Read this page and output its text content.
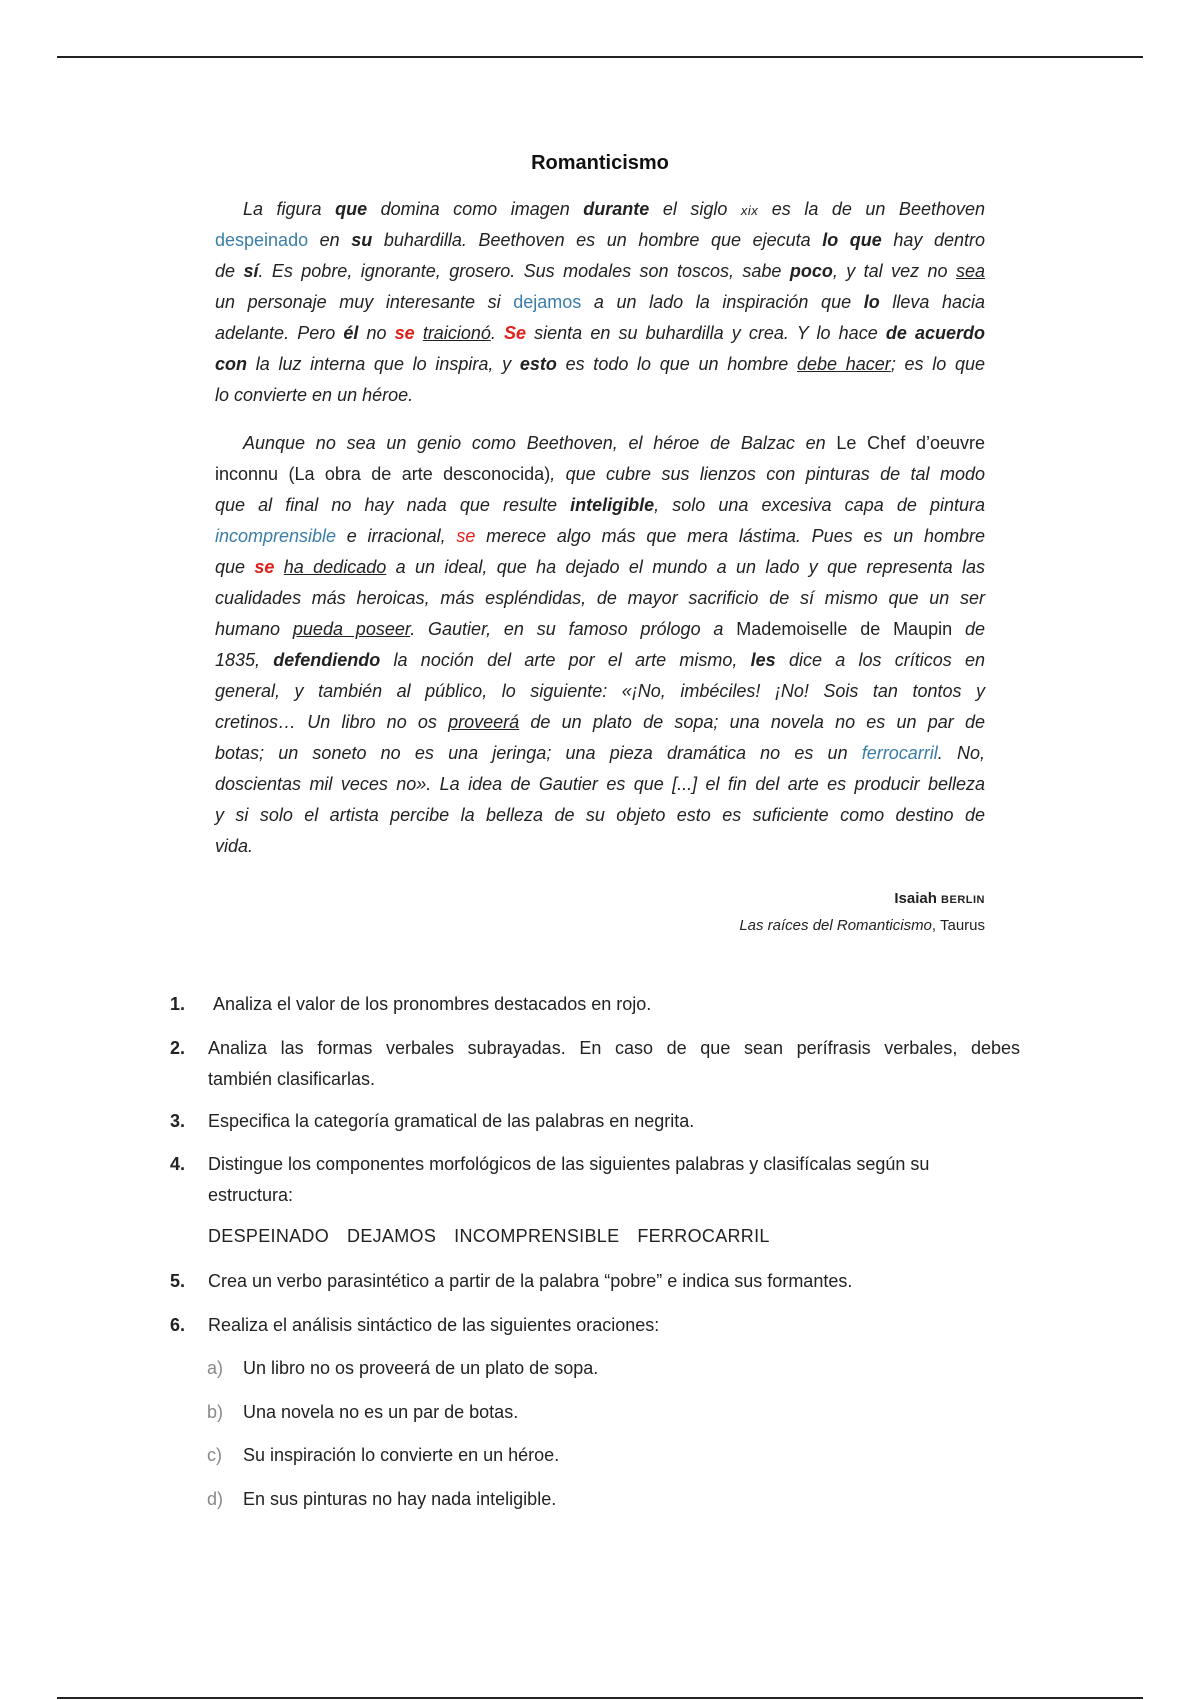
Romanticismo
La figura que domina como imagen durante el siglo xix es la de un Beethoven
despeinado en su buhardilla. Beethoven es un hombre que ejecuta lo que hay dentro
de sí. Es pobre, ignorante, grosero. Sus modales son toscos, sabe poco, y tal vez no sea
un personaje muy interesante si dejamos a un lado la inspiración que lo lleva hacia
adelante. Pero él no se traicionó. Se sienta en su buhardilla y crea. Y lo hace de acuerdo
con la luz interna que lo inspira, y esto es todo lo que un hombre debe hacer; es lo que
lo convierte en un héroe.
Aunque no sea un genio como Beethoven, el héroe de Balzac en Le Chef d’oeuvre
inconnu (La obra de arte desconocida), que cubre sus lienzos con pinturas de tal modo
que al final no hay nada que resulte inteligible, solo una excesiva capa de pintura
incomprensible e irracional, se merece algo más que mera lástima. Pues es un hombre
que se ha dedicado a un ideal, que ha dejado el mundo a un lado y que representa las
cualidades más heroicas, más espléndidas, de mayor sacrificio de sí mismo que un ser
humano pueda poseer. Gautier, en su famoso prólogo a Mademoiselle de Maupin de
1835, defendiendo la noción del arte por el arte mismo, les dice a los críticos en
general, y también al público, lo siguiente: «¡No, imbéciles! ¡No! Sois tan tontos y
cretinos… Un libro no os proveerá de un plato de sopa; una novela no es un par de
botas; un soneto no es una jeringa; una pieza dramática no es un ferrocarril. No,
doscientas mil veces no». La idea de Gautier es que [...] el fin del arte es producir belleza
y si solo el artista percibe la belleza de su objeto esto es suficiente como destino de
vida.
Isaiah BERLIN
Las raíces del Romanticismo, Taurus
1.	Analiza el valor de los pronombres destacados en rojo.
2.	Analiza las formas verbales subrayadas. En caso de que sean perífrasis verbales, debes
también clasificarlas.
3.	Especifica la categoría gramatical de las palabras en negrita.
4.	Distingue los componentes morfológicos de las siguientes palabras y clasifícalas según su
estructura:
DESPEINADO DEJAMOS INCOMPRENSIBLE FERROCARRIL
5.	Crea un verbo parasintético a partir de la palabra “pobre” e indica sus formantes.
6.	Realiza el análisis sintáctico de las siguientes oraciones:
a) Un libro no os proveerá de un plato de sopa.
b) Una novela no es un par de botas.
c) Su inspiración lo convierte en un héroe.
d) En sus pinturas no hay nada inteligible.
